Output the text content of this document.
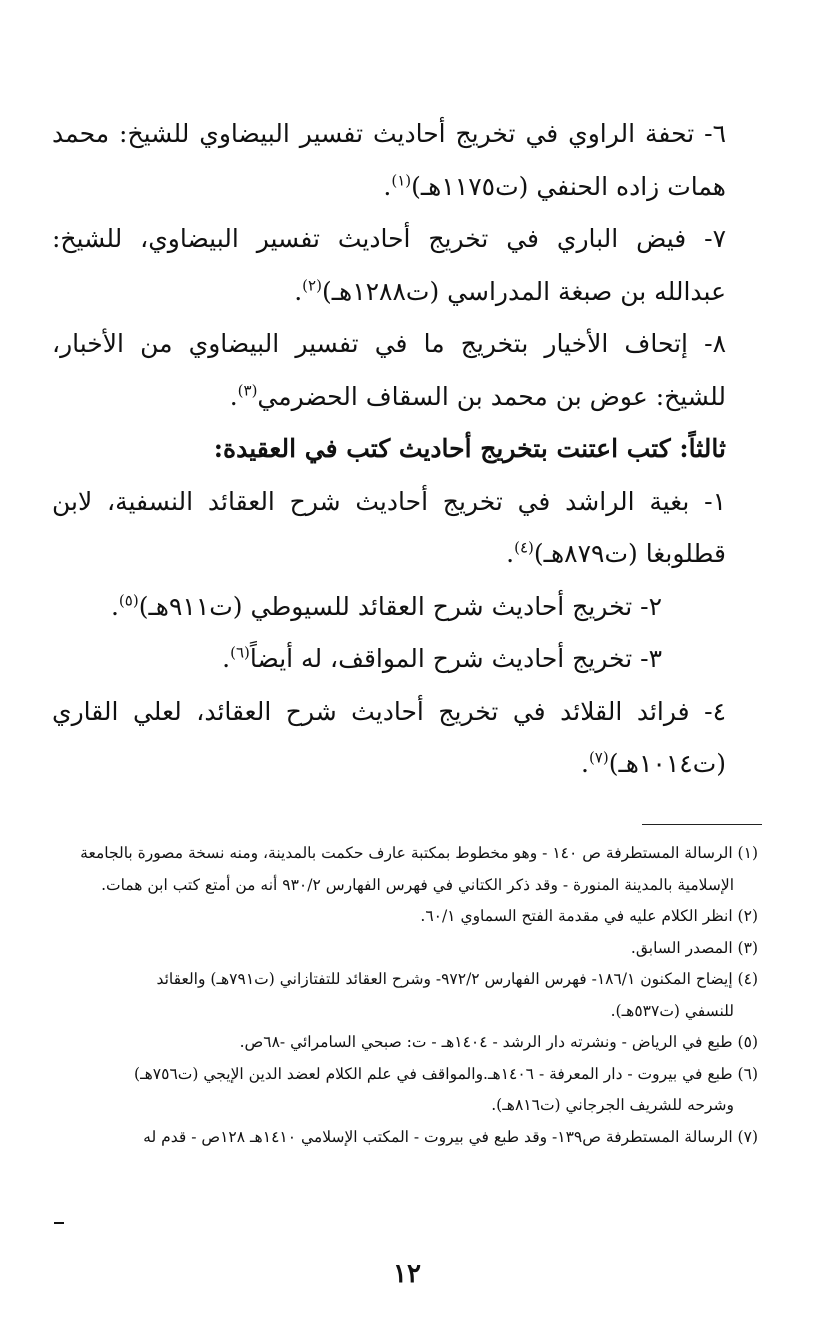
٦- تحفة الراوي في تخريج أحاديث تفسير البيضاوي للشيخ: محمد همات زاده الحنفي (ت١١٧٥هـ)$^{(١)}$.

٧- فيض الباري في تخريج أحاديث تفسير البيضاوي، للشيخ: عبدالله بن صبغة المدراسي (ت١٢٨٨هـ)$^{(٢)}$.

٨- إتحاف الأخيار بتخريج ما في تفسير البيضاوي من الأخبار، للشيخ: عوض بن محمد بن السقاف الحضرمي$^{(٣)}$.

ثالثاً: كتب اعتنت بتخريج أحاديث كتب في العقيدة:

١- بغية الراشد في تخريج أحاديث شرح العقائد النسفية، لابن قطلوبغا (ت٨٧٩هـ)$^{(٤)}$.

٢- تخريج أحاديث شرح العقائد للسيوطي (ت٩١١هـ)$^{(٥)}$.

٣- تخريج أحاديث شرح المواقف، له أيضاً$^{(٦)}$.

٤- فرائد القلائد في تخريج أحاديث شرح العقائد، لعلي القاري (ت١٠١٤هـ)$^{(٧)}$.

(١) الرسالة المستطرفة ص ١٤٠ - وهو مخطوط بمكتبة عارف حكمت بالمدينة، ومنه نسخة مصورة بالجامعة

الإسلامية بالمدينة المنورة - وقد ذكر الكتاني في فهرس الفهارس ٩٣٠/٢ أنه من أمتع كتب ابن همات.

(٢) انظر الكلام عليه في مقدمة الفتح السماوي ٦٠/١.

(٣) المصدر السابق.

(٤) إيضاح المكنون ١٨٦/١- فهرس الفهارس ٩٧٢/٢- وشرح العقائد للتفتازاني (ت٧٩١هـ) والعقائد

للنسفي (ت٥٣٧هـ).

(٥) طبع في الرياض - ونشرته دار الرشد - ١٤٠٤هـ - ت: صبحي السامرائي -٦٨ص.

(٦) طبع في بيروت - دار المعرفة - ١٤٠٦هـ.والمواقف في علم الكلام لعضد الدين الإيجي (ت٧٥٦هـ)

وشرحه للشريف الجرجاني (ت٨١٦هـ).

(٧) الرسالة المستطرفة ص١٣٩- وقد طبع في بيروت - المكتب الإسلامي ١٤١٠هـ ١٢٨ص - قدم له

١٢
